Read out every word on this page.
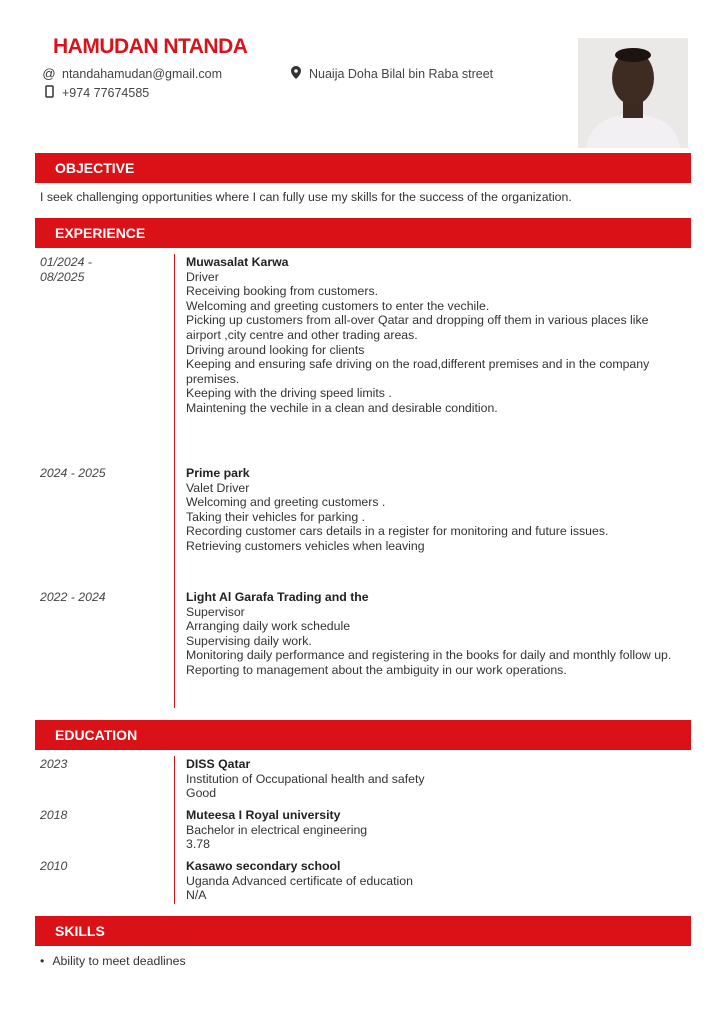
HAMUDAN NTANDA
@ ntandahamudan@gmail.com
+974 77674585
Nuaija Doha Bilal bin Raba street
OBJECTIVE
I seek challenging opportunities where I can fully use my skills for the success of the organization.
EXPERIENCE
01/2024 - 08/2025
Muwasalat Karwa
Driver
Receiving booking from customers.
Welcoming and greeting customers to enter the vechile.
Picking up customers from all-over Qatar and dropping off them in various places like airport ,city centre and other trading areas.
Driving around looking for clients
Keeping and ensuring safe driving on the road,different premises and in the company premises.
Keeping with the driving speed limits .
Maintening the vechile in a clean and desirable condition.
2024 - 2025	Prime park
Valet Driver
Welcoming and greeting customers .
Taking their vehicles for parking .
Recording customer cars details in a register for monitoring and future issues.
Retrieving customers vehicles when leaving
2022 - 2024	Light Al Garafa Trading and the
Supervisor
Arranging daily work schedule
Supervising daily work.
Monitoring daily performance and registering in the books for daily and monthly follow up.
Reporting to management about the ambiguity in our work operations.
EDUCATION
2023	DISS Qatar
Institution of Occupational health and safety
Good
2018	Muteesa I Royal university
Bachelor in electrical engineering
3.78
2010	Kasawo secondary school
Uganda Advanced certificate of education
N/A
SKILLS
• Ability to meet deadlines
